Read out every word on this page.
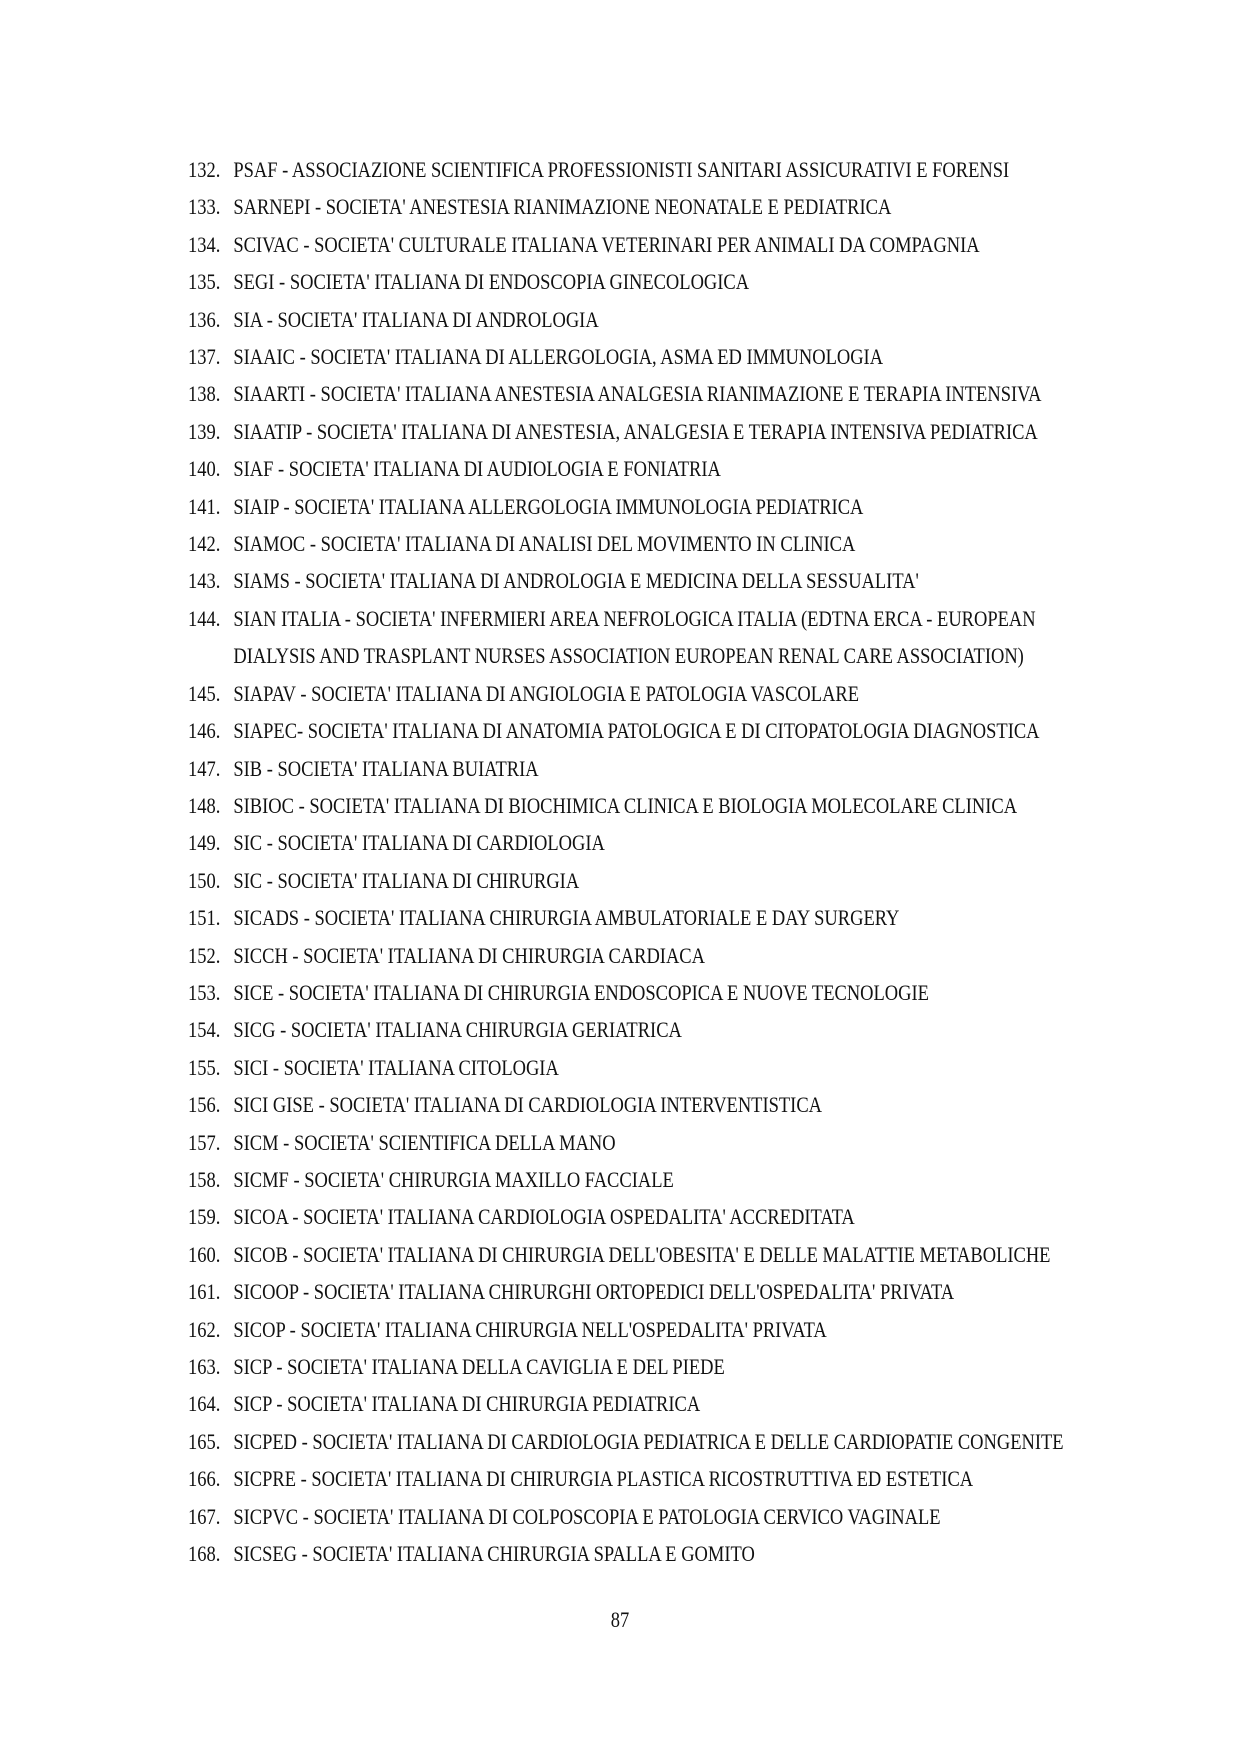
132. PSAF - ASSOCIAZIONE SCIENTIFICA PROFESSIONISTI SANITARI ASSICURATIVI E FORENSI
133. SARNEPI - SOCIETA' ANESTESIA RIANIMAZIONE NEONATALE E PEDIATRICA
134. SCIVAC - SOCIETA' CULTURALE ITALIANA VETERINARI PER ANIMALI DA COMPAGNIA
135. SEGI - SOCIETA' ITALIANA DI ENDOSCOPIA GINECOLOGICA
136. SIA - SOCIETA' ITALIANA DI ANDROLOGIA
137. SIAAIC - SOCIETA' ITALIANA DI ALLERGOLOGIA, ASMA ED IMMUNOLOGIA
138. SIAARTI - SOCIETA' ITALIANA ANESTESIA ANALGESIA RIANIMAZIONE E TERAPIA INTENSIVA
139. SIAATIP - SOCIETA' ITALIANA DI ANESTESIA, ANALGESIA E TERAPIA INTENSIVA PEDIATRICA
140. SIAF - SOCIETA' ITALIANA DI AUDIOLOGIA E FONIATRIA
141. SIAIP - SOCIETA' ITALIANA ALLERGOLOGIA IMMUNOLOGIA PEDIATRICA
142. SIAMOC - SOCIETA' ITALIANA DI ANALISI DEL MOVIMENTO IN CLINICA
143. SIAMS - SOCIETA' ITALIANA DI ANDROLOGIA E MEDICINA DELLA SESSUALITA'
144. SIAN ITALIA - SOCIETA' INFERMIERI AREA NEFROLOGICA ITALIA (EDTNA ERCA - EUROPEAN DIALYSIS AND TRASPLANT NURSES ASSOCIATION EUROPEAN RENAL CARE ASSOCIATION)
145. SIAPAV - SOCIETA' ITALIANA DI ANGIOLOGIA E PATOLOGIA VASCOLARE
146. SIAPEC- SOCIETA' ITALIANA DI ANATOMIA PATOLOGICA E DI CITOPATOLOGIA DIAGNOSTICA
147. SIB - SOCIETA' ITALIANA BUIATRIA
148. SIBIOC - SOCIETA' ITALIANA DI BIOCHIMICA CLINICA E BIOLOGIA MOLECOLARE CLINICA
149. SIC - SOCIETA' ITALIANA DI CARDIOLOGIA
150. SIC - SOCIETA' ITALIANA DI CHIRURGIA
151. SICADS - SOCIETA' ITALIANA CHIRURGIA AMBULATORIALE E DAY SURGERY
152. SICCH - SOCIETA' ITALIANA DI CHIRURGIA CARDIACA
153. SICE - SOCIETA' ITALIANA DI CHIRURGIA ENDOSCOPICA E NUOVE TECNOLOGIE
154. SICG - SOCIETA' ITALIANA CHIRURGIA GERIATRICA
155. SICI - SOCIETA' ITALIANA CITOLOGIA
156. SICI GISE - SOCIETA' ITALIANA DI CARDIOLOGIA INTERVENTISTICA
157. SICM - SOCIETA' SCIENTIFICA DELLA MANO
158. SICMF - SOCIETA' CHIRURGIA MAXILLO FACCIALE
159. SICOA - SOCIETA' ITALIANA CARDIOLOGIA OSPEDALITA' ACCREDITATA
160. SICOB - SOCIETA' ITALIANA DI CHIRURGIA DELL'OBESITA' E DELLE MALATTIE METABOLICHE
161. SICOOP - SOCIETA' ITALIANA CHIRURGHI ORTOPEDICI DELL'OSPEDALITA' PRIVATA
162. SICOP - SOCIETA' ITALIANA CHIRURGIA NELL'OSPEDALITA' PRIVATA
163. SICP - SOCIETA' ITALIANA DELLA CAVIGLIA E DEL PIEDE
164. SICP - SOCIETA' ITALIANA DI CHIRURGIA PEDIATRICA
165. SICPED - SOCIETA' ITALIANA DI CARDIOLOGIA PEDIATRICA E DELLE CARDIOPATIE CONGENITE
166. SICPRE - SOCIETA' ITALIANA DI CHIRURGIA PLASTICA RICOSTRUTTIVA ED ESTETICA
167. SICPVC - SOCIETA' ITALIANA DI COLPOSCOPIA E PATOLOGIA CERVICO VAGINALE
168. SICSEG - SOCIETA' ITALIANA CHIRURGIA SPALLA E GOMITO
87
